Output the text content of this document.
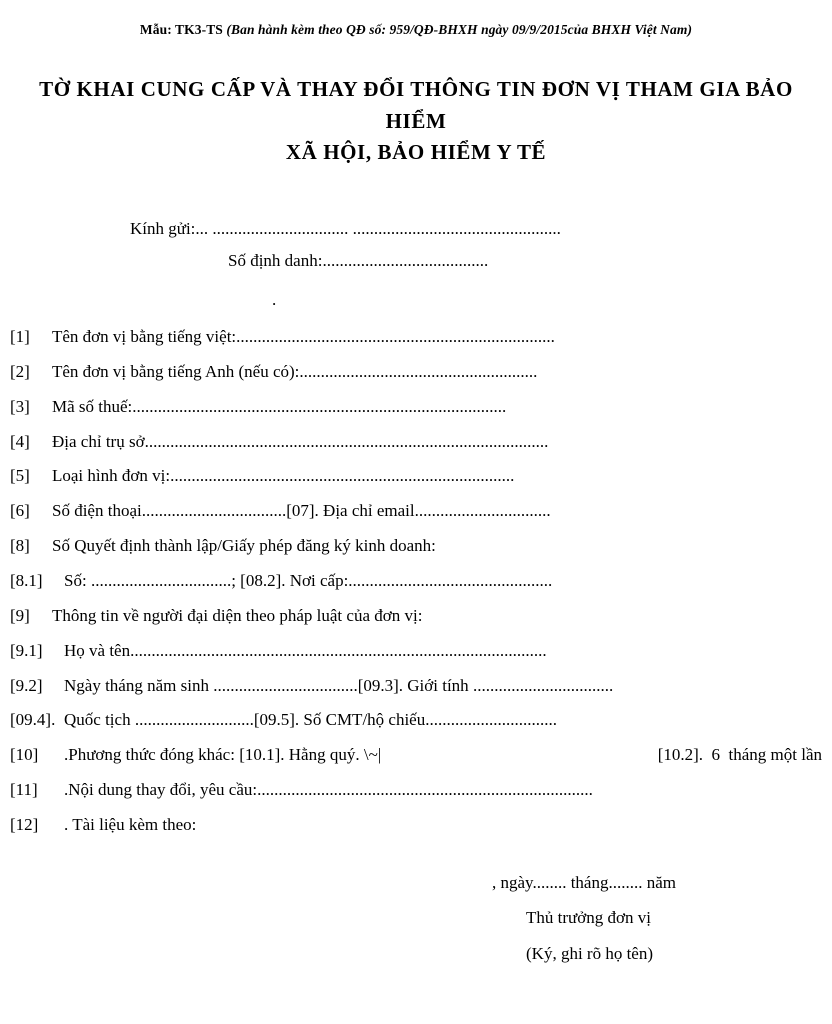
Mẫu: TK3-TS (Ban hành kèm theo QĐ số: 959/QĐ-BHXH ngày 09/9/2015của BHXH Việt Nam)
TỜ KHAI CUNG CẤP VÀ THAY ĐỔI THÔNG TIN ĐƠN VỊ THAM GIA BẢO HIỂM
XÃ HỘI, BẢO HIỂM Y TẾ
Kính gửi:... ................................ .................................................
Số định danh:.......................................
.
[1]	Tên đơn vị bằng tiếng việt: ...........................................................................
[2]	Tên đơn vị bằng tiếng Anh (nếu có): ........................................................
[3]	Mã số thuế: ........................................................................................
[4]	Địa chỉ trụ sở ...............................................................................................
[5]	Loại hình đơn vị: .................................................................................
[6]	Số điện thoại .................................. [07]. Địa chỉ email ................................
[8]	Số Quyết định thành lập/Giấy phép đăng ký kinh doanh:
[8.1]	Số: ................................ .; [08.2]. Nơi cấp: ................................................
[9]	Thông tin về người đại diện theo pháp luật của đơn vị:
[9.1]	Họ và tên ..................................................................................................
[9.2]	Ngày tháng năm sinh .................................. [09.3]. Giới tính .................................
[09.4]. Quốc tịch ............................ [09.5]. Số CMT/hộ chiếu ...............................
[10]	.Phương thức đóng khác: [10.1]. Hằng quý. \~|	[10.2].  6  tháng một lần
[11]	.Nội dung thay đổi, yêu cầu: ...............................................................................
[12]	. Tài liệu kèm theo:
, ngày........ tháng........ năm
Thủ trưởng đơn vị
(Ký, ghi rõ họ tên)
